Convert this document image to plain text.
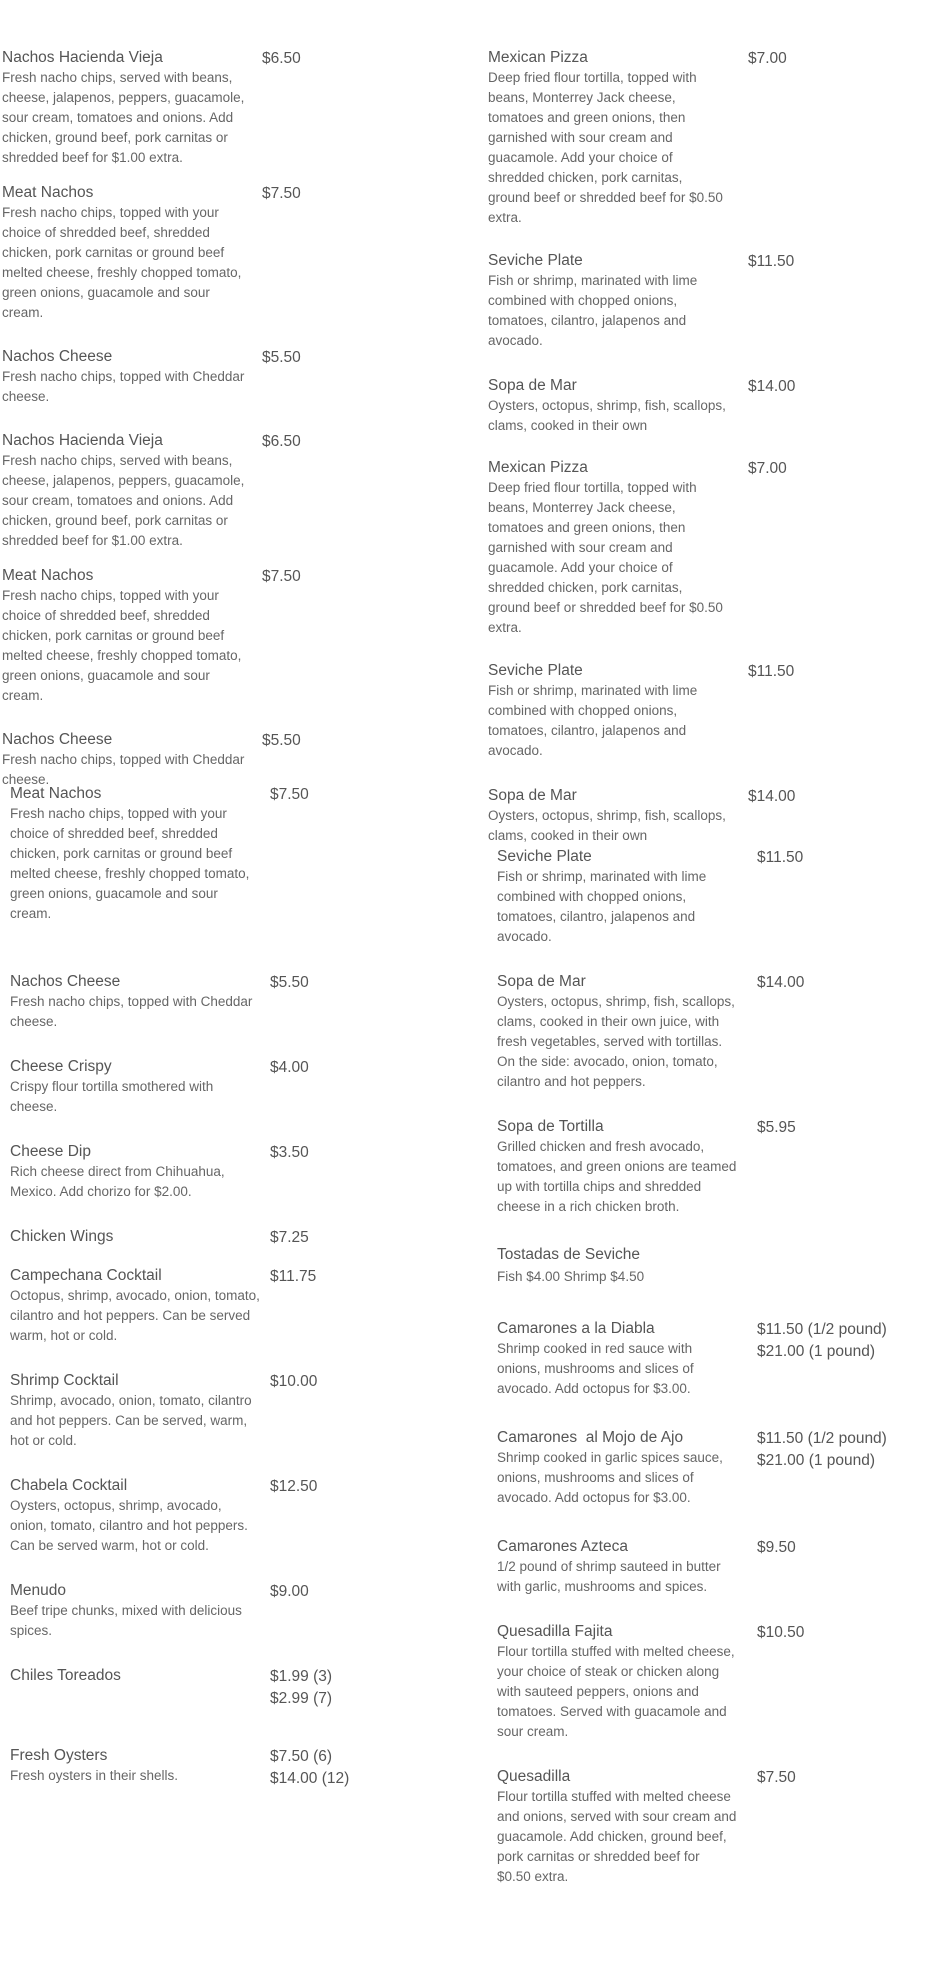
Nachos Hacienda Vieja
Fresh nacho chips, served with beans, cheese, jalapenos, peppers, guacamole, sour cream, tomatoes and onions. Add chicken, ground beef, pork carnitas or shredded beef for $1.00 extra.
$6.50
Meat Nachos
Fresh nacho chips, topped with your choice of shredded beef, shredded chicken, pork carnitas or ground beef melted cheese, freshly chopped tomato, green onions, guacamole and sour cream.
$7.50
Nachos Cheese
Fresh nacho chips, topped with Cheddar cheese.
$5.50
Nachos Hacienda Vieja
Fresh nacho chips, served with beans, cheese, jalapenos, peppers, guacamole, sour cream, tomatoes and onions. Add chicken, ground beef, pork carnitas or shredded beef for $1.00 extra.
$6.50
Meat Nachos
Fresh nacho chips, topped with your choice of shredded beef, shredded chicken, pork carnitas or ground beef melted cheese, freshly chopped tomato, green onions, guacamole and sour cream.
$7.50
Nachos Cheese
Fresh nacho chips, topped with Cheddar cheese.
$5.50
Meat Nachos
Fresh nacho chips, topped with your choice of shredded beef, shredded chicken, pork carnitas or ground beef melted cheese, freshly chopped tomato, green onions, guacamole and sour cream.
$7.50
Nachos Cheese
Fresh nacho chips, topped with Cheddar cheese.
$5.50
Cheese Crispy
Crispy flour tortilla smothered with cheese.
$4.00
Cheese Dip
Rich cheese direct from Chihuahua, Mexico. Add chorizo for $2.00.
$3.50
Chicken Wings	$7.25
Campechana Cocktail
Octopus, shrimp, avocado, onion, tomato, cilantro and hot peppers. Can be served warm, hot or cold.
$11.75
Shrimp Cocktail
Shrimp, avocado, onion, tomato, cilantro and hot peppers. Can be served, warm, hot or cold.
$10.00
Chabela Cocktail
Oysters, octopus, shrimp, avocado, onion, tomato, cilantro and hot peppers. Can be served warm, hot or cold.
$12.50
Menudo
Beef tripe chunks, mixed with delicious spices.
$9.00
Chiles Toreados	$1.99 (3)
$2.99 (7)
Fresh Oysters
Fresh oysters in their shells.
$7.50 (6)
$14.00 (12)
Mexican Pizza
Deep fried flour tortilla, topped with beans, Monterrey Jack cheese, tomatoes and green onions, then garnished with sour cream and guacamole. Add your choice of shredded chicken, pork carnitas, ground beef or shredded beef for $0.50 extra.
$7.00
Seviche Plate
Fish or shrimp, marinated with lime combined with chopped onions, tomatoes, cilantro, jalapenos and avocado.
$11.50
Sopa de Mar
Oysters, octopus, shrimp, fish, scallops, clams, cooked in their own
$14.00
Mexican Pizza
Deep fried flour tortilla, topped with beans, Monterrey Jack cheese, tomatoes and green onions, then garnished with sour cream and guacamole. Add your choice of shredded chicken, pork carnitas, ground beef or shredded beef for $0.50 extra.
$7.00
Seviche Plate
Fish or shrimp, marinated with lime combined with chopped onions, tomatoes, cilantro, jalapenos and avocado.
$11.50
Sopa de Mar
Oysters, octopus, shrimp, fish, scallops, clams, cooked in their own
$14.00
Seviche Plate
Fish or shrimp, marinated with lime combined with chopped onions, tomatoes, cilantro, jalapenos and avocado.
$11.50
Sopa de Mar
Oysters, octopus, shrimp, fish, scallops, clams, cooked in their own juice, with fresh vegetables, served with tortillas. On the side: avocado, onion, tomato, cilantro and hot peppers.
$14.00
Sopa de Tortilla
Grilled chicken and fresh avocado, tomatoes, and green onions are teamed up with tortilla chips and shredded cheese in a rich chicken broth.
$5.95
Tostadas de Seviche
Fish $4.00 Shrimp $4.50
Camarones a la Diabla
Shrimp cooked in red sauce with onions, mushrooms and slices of avocado. Add octopus for $3.00.
$11.50 (1/2 pound)
$21.00 (1 pound)
Camarones  al Mojo de Ajo
Shrimp cooked in garlic spices sauce, onions, mushrooms and slices of avocado. Add octopus for $3.00.
$11.50 (1/2 pound)
$21.00 (1 pound)
Camarones Azteca
1/2 pound of shrimp sauteed in butter with garlic, mushrooms and spices.
$9.50
Quesadilla Fajita
Flour tortilla stuffed with melted cheese, your choice of steak or chicken along with sauteed peppers, onions and tomatoes. Served with guacamole and sour cream.
$10.50
Quesadilla
Flour tortilla stuffed with melted cheese and onions, served with sour cream and guacamole. Add chicken, ground beef, pork carnitas or shredded beef for $0.50 extra.
$7.50
